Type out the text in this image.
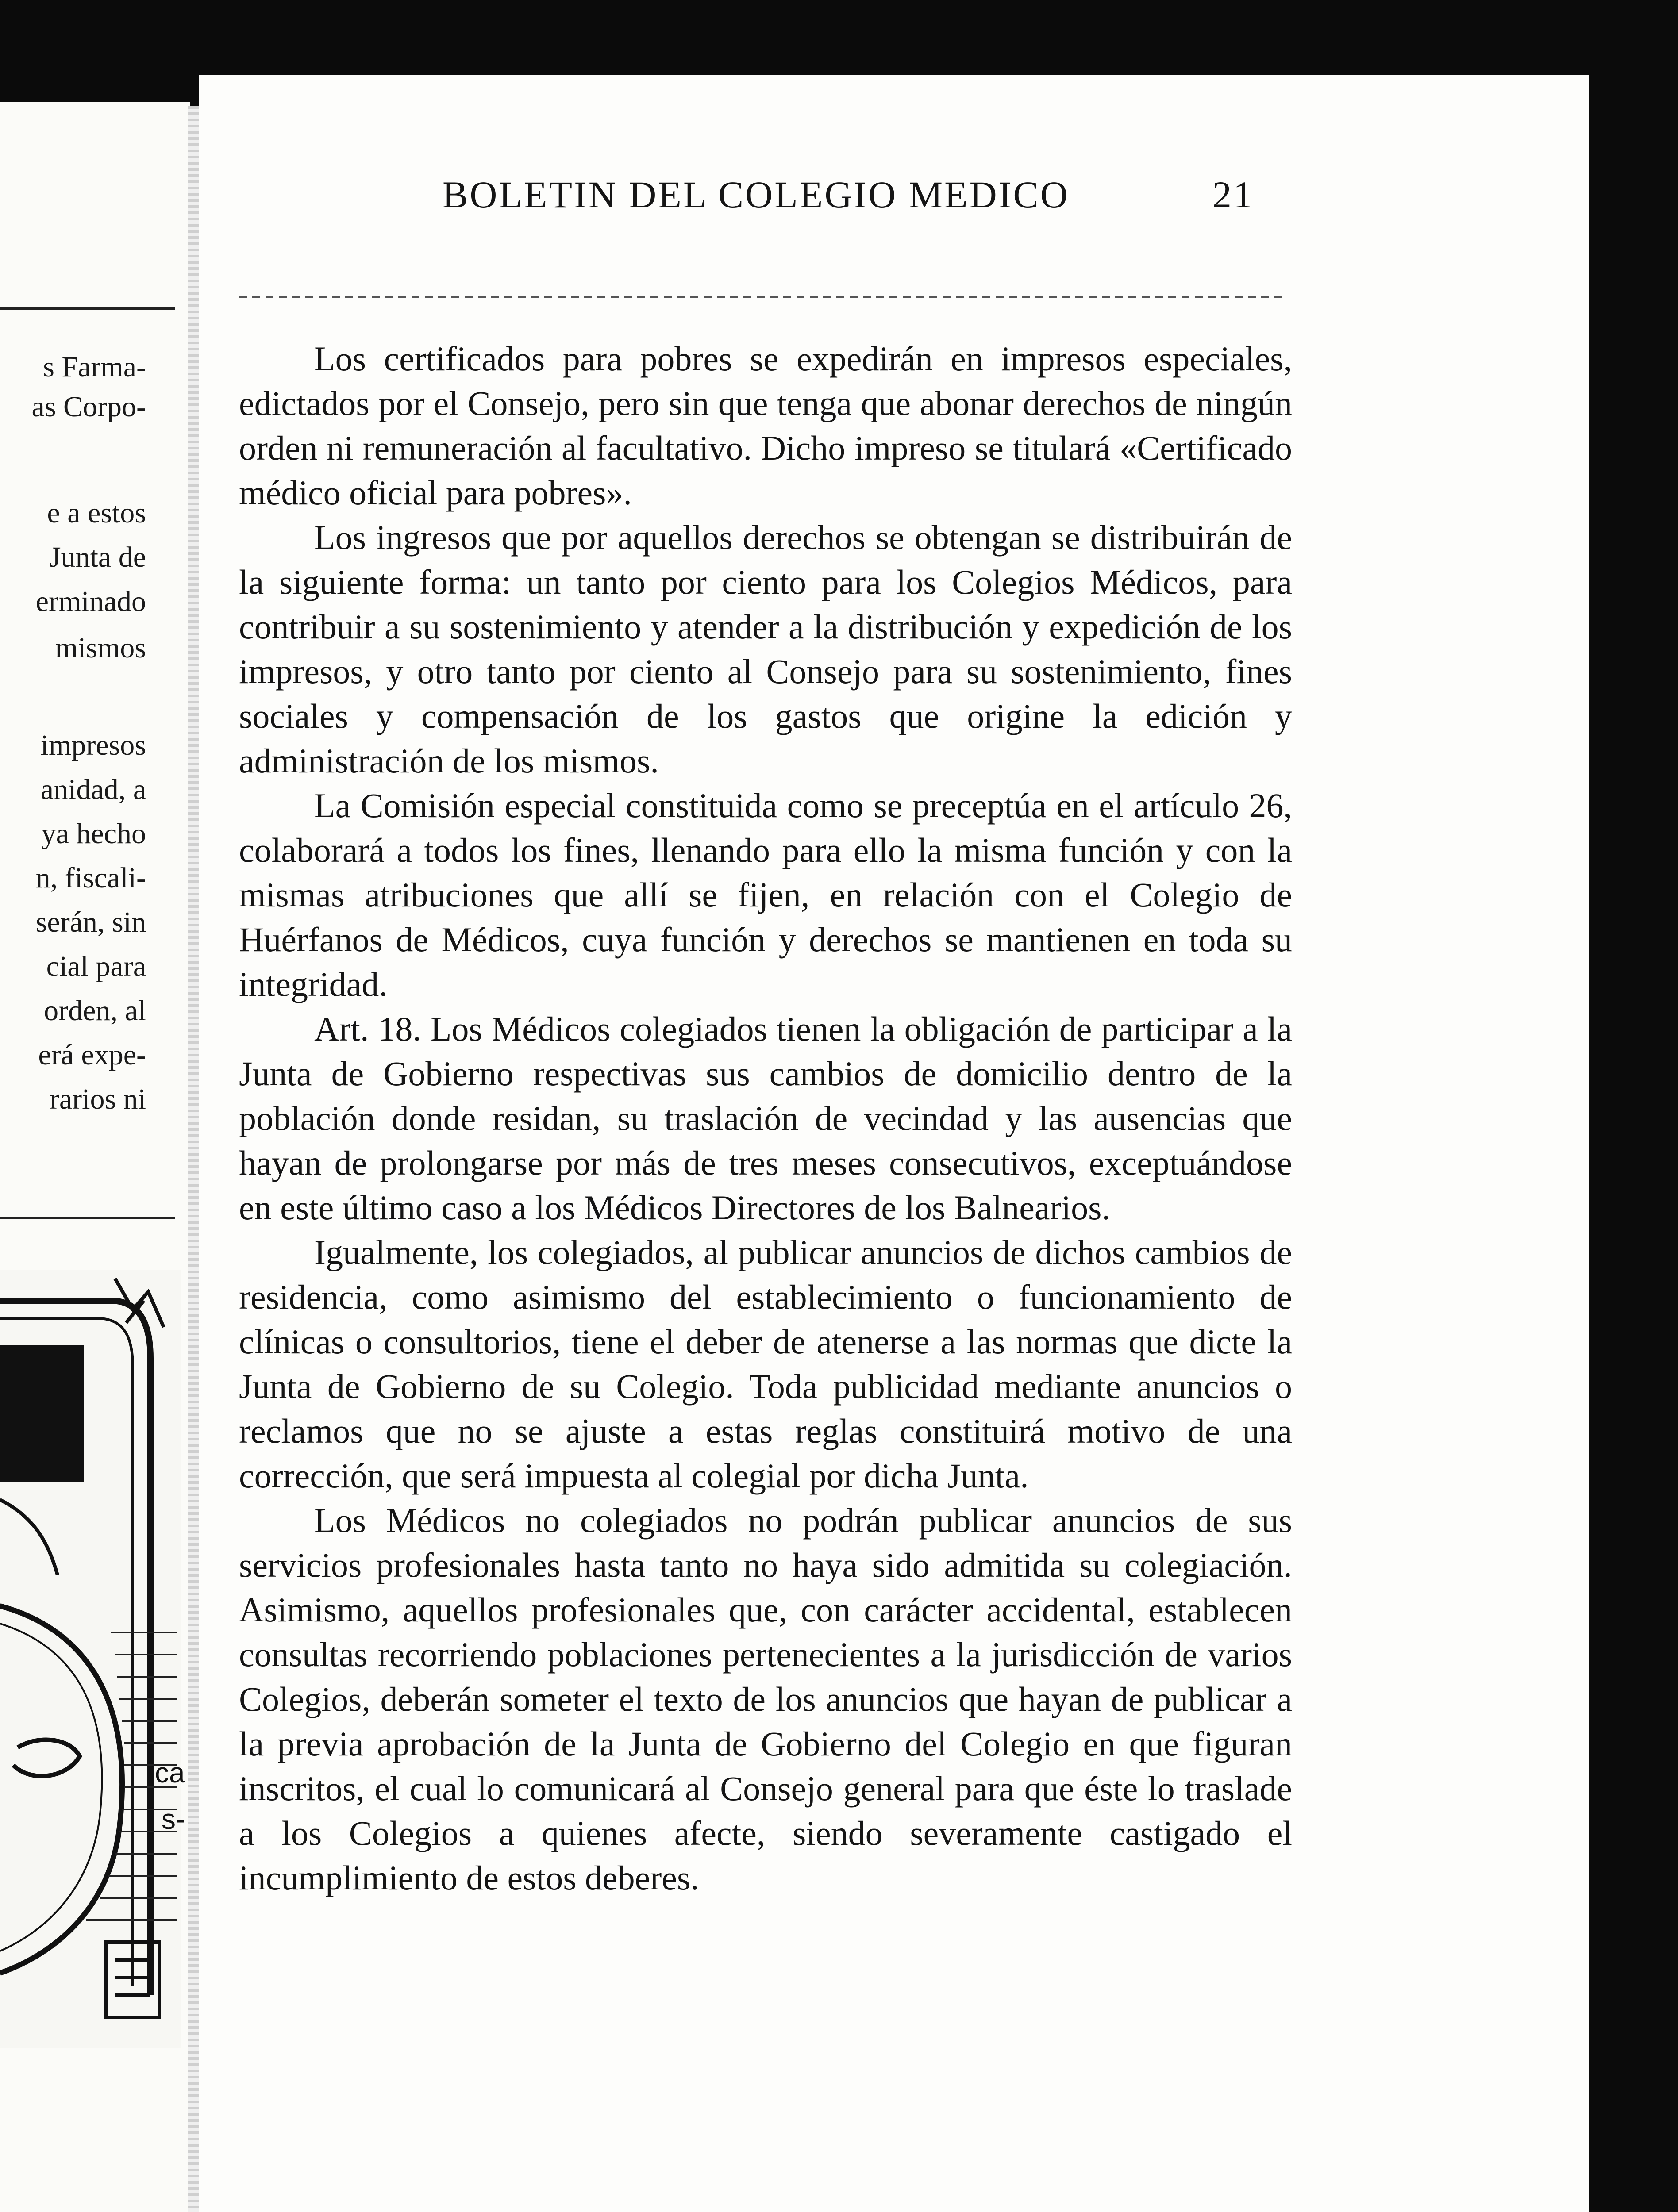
s Farma-
as Corpo-
e a estos
Junta de
erminado
mismos
impresos
anidad, a
ya hecho
n, fiscali-
serán, sin
cial para
orden, al
erá expe-
rarios ni
ca
s-
BOLETIN DEL COLEGIO MEDICO	21

Los certificados para pobres se expedirán en impresos especiales, edictados por el Consejo, pero sin que tenga que abonar derechos de ningún orden ni remuneración al facultativo. Dicho impreso se titulará «Certificado médico oficial para pobres».

Los ingresos que por aquellos derechos se obtengan se distribuirán de la siguiente forma: un tanto por ciento para los Colegios Médicos, para contribuir a su sostenimiento y atender a la distribución y expedición de los impresos, y otro tanto por ciento al Consejo para su sostenimiento, fines sociales y compensación de los gastos que origine la edición y administración de los mismos.

La Comisión especial constituida como se preceptúa en el artículo 26, colaborará a todos los fines, llenando para ello la misma función y con la mismas atribuciones que allí se fijen, en relación con el Colegio de Huérfanos de Médicos, cuya función y derechos se mantienen en toda su integridad.

Art. 18. Los Médicos colegiados tienen la obligación de participar a la Junta de Gobierno respectivas sus cambios de domicilio dentro de la población donde residan, su traslación de vecindad y las ausencias que hayan de prolongarse por más de tres meses consecutivos, exceptuándose en este último caso a los Médicos Directores de los Balnearios.

Igualmente, los colegiados, al publicar anuncios de dichos cambios de residencia, como asimismo del establecimiento o funcionamiento de clínicas o consultorios, tiene el deber de atenerse a las normas que dicte la Junta de Gobierno de su Colegio. Toda publicidad mediante anuncios o reclamos que no se ajuste a estas reglas constituirá motivo de una corrección, que será impuesta al colegial por dicha Junta.

Los Médicos no colegiados no podrán publicar anuncios de sus servicios profesionales hasta tanto no haya sido admitida su colegiación. Asimismo, aquellos profesionales que, con carácter accidental, establecen consultas recorriendo poblaciones pertenecientes a la jurisdicción de varios Colegios, deberán someter el texto de los anuncios que hayan de publicar a la previa aprobación de la Junta de Gobierno del Colegio en que figuran inscritos, el cual lo comunicará al Consejo general para que éste lo traslade a los Colegios a quienes afecte, siendo severamente castigado el incumplimiento de estos deberes.
